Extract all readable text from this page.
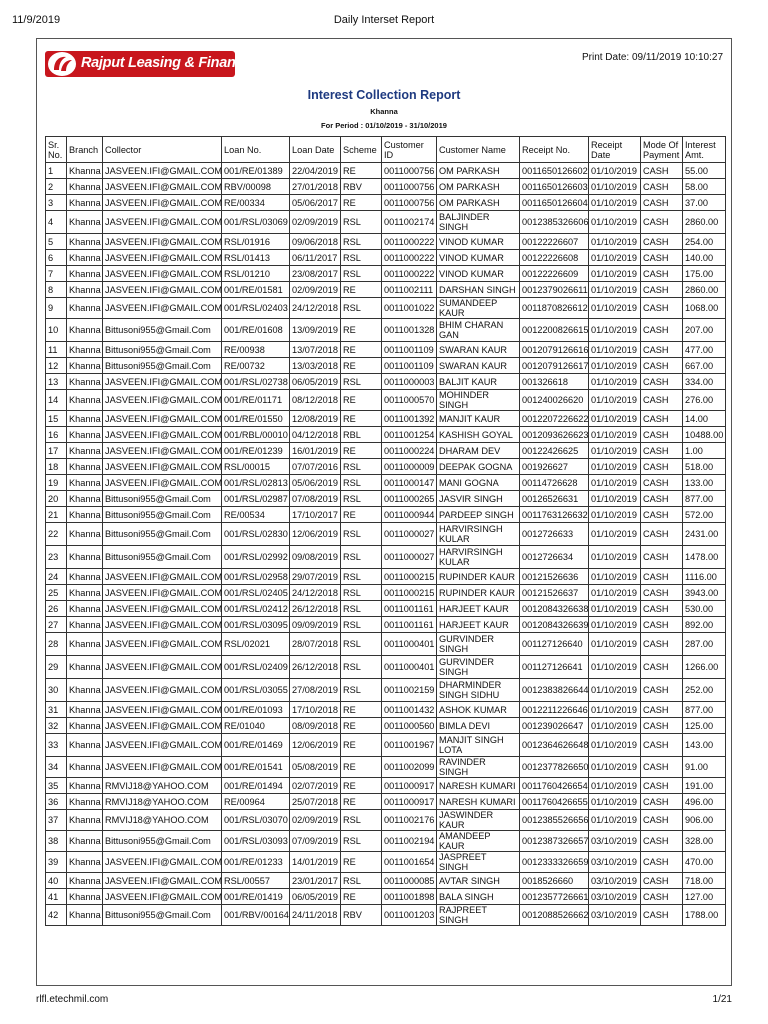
11/9/2019	Daily Interset Report
Rajput Leasing & Finance Ltd.	Print Date: 09/11/2019 10:10:27
Interest Collection Report
Khanna
For Period : 01/10/2019 - 31/10/2019
Sr. No.	Branch	Collector	Loan No.	Loan Date	Scheme	Customer ID	Customer Name	Receipt No.	Receipt Date	Mode Of Payment	Interest Amt.
1	Khanna	JASVEEN.IFI@GMAIL.COM	001/RE/01389	22/04/2019	RE	0011000756	OM PARKASH	0011650126602	01/10/2019	CASH	55.00
2	Khanna	JASVEEN.IFI@GMAIL.COM	RBV/00098	27/01/2018	RBV	0011000756	OM PARKASH	0011650126603	01/10/2019	CASH	58.00
3	Khanna	JASVEEN.IFI@GMAIL.COM	RE/00334	05/06/2017	RE	0011000756	OM PARKASH	0011650126604	01/10/2019	CASH	37.00
4	Khanna	JASVEEN.IFI@GMAIL.COM	001/RSL/03069	02/09/2019	RSL	0011002174	BALJINDER SINGH	0012385326606	01/10/2019	CASH	2860.00
5	Khanna	JASVEEN.IFI@GMAIL.COM	RSL/01916	09/06/2018	RSL	0011000222	VINOD KUMAR	00122226607	01/10/2019	CASH	254.00
6	Khanna	JASVEEN.IFI@GMAIL.COM	RSL/01413	06/11/2017	RSL	0011000222	VINOD KUMAR	00122226608	01/10/2019	CASH	140.00
7	Khanna	JASVEEN.IFI@GMAIL.COM	RSL/01210	23/08/2017	RSL	0011000222	VINOD KUMAR	00122226609	01/10/2019	CASH	175.00
8	Khanna	JASVEEN.IFI@GMAIL.COM	001/RE/01581	02/09/2019	RE	0011002111	DARSHAN SINGH	0012379026611	01/10/2019	CASH	2860.00
9	Khanna	JASVEEN.IFI@GMAIL.COM	001/RSL/02403	24/12/2018	RSL	0011001022	SUMANDEEP KAUR	0011870826612	01/10/2019	CASH	1068.00
10	Khanna	Bittusoni955@Gmail.Com	001/RE/01608	13/09/2019	RE	0011001328	BHIM CHARAN GAN	0012200826615	01/10/2019	CASH	207.00
11	Khanna	Bittusoni955@Gmail.Com	RE/00938	13/07/2018	RE	0011001109	SWARAN KAUR	0012079126616	01/10/2019	CASH	477.00
12	Khanna	Bittusoni955@Gmail.Com	RE/00732	13/03/2018	RE	0011001109	SWARAN KAUR	0012079126617	01/10/2019	CASH	667.00
13	Khanna	JASVEEN.IFI@GMAIL.COM	001/RSL/02738	06/05/2019	RSL	0011000003	BALJIT KAUR	001326618	01/10/2019	CASH	334.00
14	Khanna	JASVEEN.IFI@GMAIL.COM	001/RE/01171	08/12/2018	RE	0011000570	MOHINDER SINGH	001240026620	01/10/2019	CASH	276.00
15	Khanna	JASVEEN.IFI@GMAIL.COM	001/RE/01550	12/08/2019	RE	0011001392	MANJIT KAUR	0012207226622	01/10/2019	CASH	14.00
16	Khanna	JASVEEN.IFI@GMAIL.COM	001/RBL/00010	04/12/2018	RBL	0011001254	KASHISH GOYAL	0012093626623	01/10/2019	CASH	10488.00
17	Khanna	JASVEEN.IFI@GMAIL.COM	001/RE/01239	16/01/2019	RE	0011000224	DHARAM DEV	00122426625	01/10/2019	CASH	1.00
18	Khanna	JASVEEN.IFI@GMAIL.COM	RSL/00015	07/07/2016	RSL	0011000009	DEEPAK GOGNA	001926627	01/10/2019	CASH	518.00
19	Khanna	JASVEEN.IFI@GMAIL.COM	001/RSL/02813	05/06/2019	RSL	0011000147	MANI GOGNA	00114726628	01/10/2019	CASH	133.00
20	Khanna	Bittusoni955@Gmail.Com	001/RSL/02987	07/08/2019	RSL	0011000265	JASVIR SINGH	00126526631	01/10/2019	CASH	877.00
21	Khanna	Bittusoni955@Gmail.Com	RE/00534	17/10/2017	RE	0011000944	PARDEEP SINGH	0011763126632	01/10/2019	CASH	572.00
22	Khanna	Bittusoni955@Gmail.Com	001/RSL/02830	12/06/2019	RSL	0011000027	HARVIRSINGH KULAR	0012726633	01/10/2019	CASH	2431.00
23	Khanna	Bittusoni955@Gmail.Com	001/RSL/02992	09/08/2019	RSL	0011000027	HARVIRSINGH KULAR	0012726634	01/10/2019	CASH	1478.00
24	Khanna	JASVEEN.IFI@GMAIL.COM	001/RSL/02958	29/07/2019	RSL	0011000215	RUPINDER KAUR	00121526636	01/10/2019	CASH	1116.00
25	Khanna	JASVEEN.IFI@GMAIL.COM	001/RSL/02405	24/12/2018	RSL	0011000215	RUPINDER KAUR	00121526637	01/10/2019	CASH	3943.00
26	Khanna	JASVEEN.IFI@GMAIL.COM	001/RSL/02412	26/12/2018	RSL	0011001161	HARJEET KAUR	0012084326638	01/10/2019	CASH	530.00
27	Khanna	JASVEEN.IFI@GMAIL.COM	001/RSL/03095	09/09/2019	RSL	0011001161	HARJEET KAUR	0012084326639	01/10/2019	CASH	892.00
28	Khanna	JASVEEN.IFI@GMAIL.COM	RSL/02021	28/07/2018	RSL	0011000401	GURVINDER SINGH	001127126640	01/10/2019	CASH	287.00
29	Khanna	JASVEEN.IFI@GMAIL.COM	001/RSL/02409	26/12/2018	RSL	0011000401	GURVINDER SINGH	001127126641	01/10/2019	CASH	1266.00
30	Khanna	JASVEEN.IFI@GMAIL.COM	001/RSL/03055	27/08/2019	RSL	0011002159	DHARMINDER SINGH SIDHU	0012383826644	01/10/2019	CASH	252.00
31	Khanna	JASVEEN.IFI@GMAIL.COM	001/RE/01093	17/10/2018	RE	0011001432	ASHOK KUMAR	0012211226646	01/10/2019	CASH	877.00
32	Khanna	JASVEEN.IFI@GMAIL.COM	RE/01040	08/09/2018	RE	0011000560	BIMLA DEVI	001239026647	01/10/2019	CASH	125.00
33	Khanna	JASVEEN.IFI@GMAIL.COM	001/RE/01469	12/06/2019	RE	0011001967	MANJIT SINGH LOTA	0012364626648	01/10/2019	CASH	143.00
34	Khanna	JASVEEN.IFI@GMAIL.COM	001/RE/01541	05/08/2019	RE	0011002099	RAVINDER SINGH	0012377826650	01/10/2019	CASH	91.00
35	Khanna	RMVIJ18@YAHOO.COM	001/RE/01494	02/07/2019	RE	0011000917	NARESH KUMARI	0011760426654	01/10/2019	CASH	191.00
36	Khanna	RMVIJ18@YAHOO.COM	RE/00964	25/07/2018	RE	0011000917	NARESH KUMARI	0011760426655	01/10/2019	CASH	496.00
37	Khanna	RMVIJ18@YAHOO.COM	001/RSL/03070	02/09/2019	RSL	0011002176	JASWINDER KAUR	0012385526656	01/10/2019	CASH	906.00
38	Khanna	Bittusoni955@Gmail.Com	001/RSL/03093	07/09/2019	RSL	0011002194	AMANDEEP KAUR	0012387326657	03/10/2019	CASH	328.00
39	Khanna	JASVEEN.IFI@GMAIL.COM	001/RE/01233	14/01/2019	RE	0011001654	JASPREET SINGH	0012333326659	03/10/2019	CASH	470.00
40	Khanna	JASVEEN.IFI@GMAIL.COM	RSL/00557	23/01/2017	RSL	0011000085	AVTAR SINGH	0018526660	03/10/2019	CASH	718.00
41	Khanna	JASVEEN.IFI@GMAIL.COM	001/RE/01419	06/05/2019	RE	0011001898	BALA SINGH	0012357726661	03/10/2019	CASH	127.00
42	Khanna	Bittusoni955@Gmail.Com	001/RBV/00164	24/11/2018	RBV	0011001203	RAJPREET SINGH	0012088526662	03/10/2019	CASH	1788.00
rlfl.etechmil.com	1/21
